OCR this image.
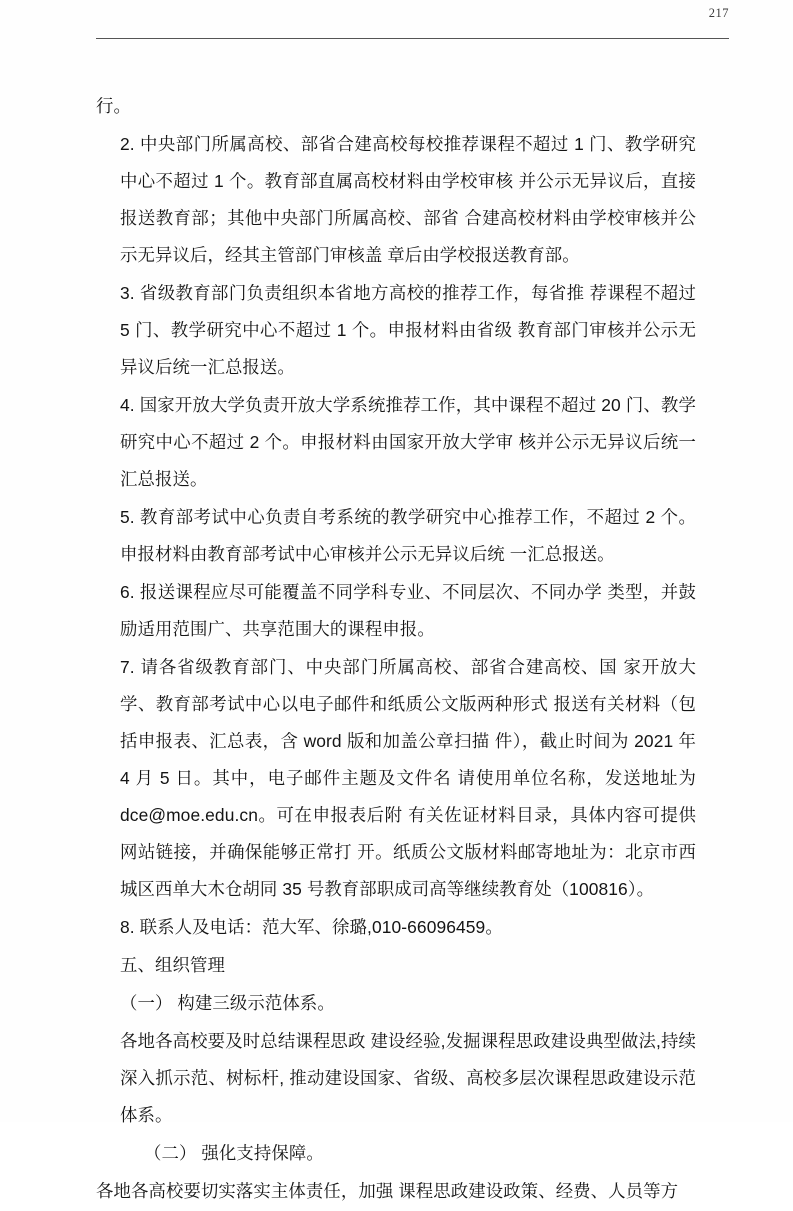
217

行。

2. 中央部门所属高校、部省合建高校每校推荐课程不超过 1 门、教学研究中心不超过 1 个。教育部直属高校材料由学校审核 并公示无异议后，直接报送教育部；其他中央部门所属高校、部省 合建高校材料由学校审核并公示无异议后，经其主管部门审核盖 章后由学校报送教育部。

3. 省级教育部门负责组织本省地方高校的推荐工作，每省推 荐课程不超过 5 门、教学研究中心不超过 1 个。申报材料由省级 教育部门审核并公示无异议后统一汇总报送。

4. 国家开放大学负责开放大学系统推荐工作，其中课程不超过 20 门、教学研究中心不超过 2 个。申报材料由国家开放大学审 核并公示无异议后统一汇总报送。

5. 教育部考试中心负责自考系统的教学研究中心推荐工作，不超过 2 个。申报材料由教育部考试中心审核并公示无异议后统 一汇总报送。

6. 报送课程应尽可能覆盖不同学科专业、不同层次、不同办学 类型，并鼓励适用范围广、共享范围大的课程申报。

7. 请各省级教育部门、中央部门所属高校、部省合建高校、国 家开放大学、教育部考试中心以电子邮件和纸质公文版两种形式 报送有关材料（包括申报表、汇总表，含 word 版和加盖公章扫描 件），截止时间为 2021 年 4 月 5 日。其中，电子邮件主题及文件名 请使用单位名称，发送地址为 dce@moe.edu.cn。可在申报表后附 有关佐证材料目录，具体内容可提供网站链接，并确保能够正常打 开。纸质公文版材料邮寄地址为：北京市西城区西单大木仓胡同 35 号教育部职成司高等继续教育处（100816）。

8. 联系人及电话：范大军、徐璐,010-66096459。

五、组织管理

（一） 构建三级示范体系。

各地各高校要及时总结课程思政 建设经验,发掘课程思政建设典型做法,持续深入抓示范、树标杆, 推动建设国家、省级、高校多层次课程思政建设示范体系。

（二） 强化支持保障。

各地各高校要切实落实主体责任，加强 课程思政建设政策、经费、人员等方
